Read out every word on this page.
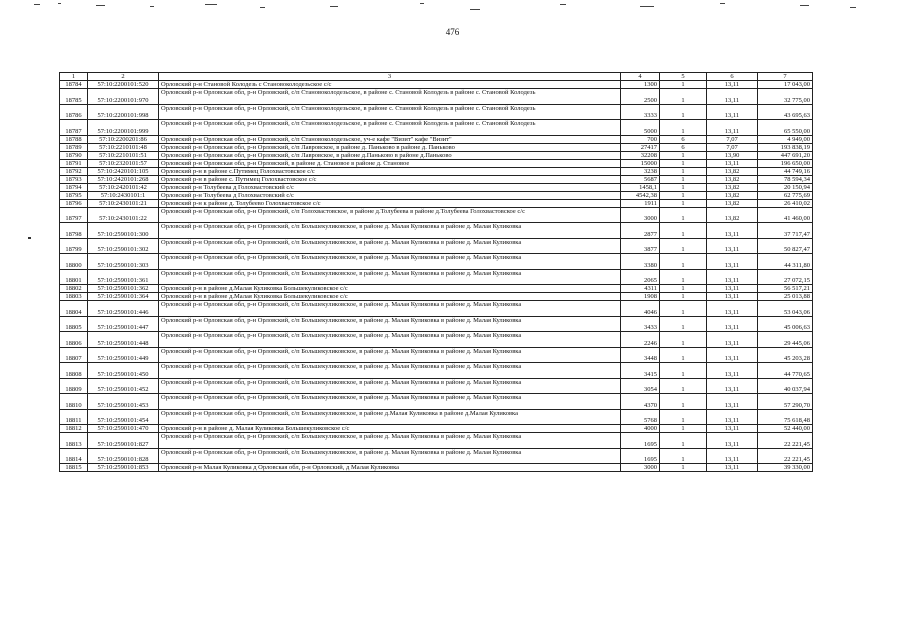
476
1	2	3	4	5	6	7
18784	57:10:2200101:520	Орловский р-н Становой Колодезь с Становоколодезьское с/с	1300	1	13,11	17 043,00
18785	57:10:2200101:970	Орловский р-н Орловская обл, р-н Орловский, с/п Становоколодезьское, в районе с. Становой Колодезь в районе с. Становой Колодезь	2500	1	13,11	32 775,00
18786	57:10:2200101:998	Орловский р-н Орловская обл, р-н Орловский, с/п Становоколодезьское, в районе с. Становой Колодезь в районе с. Становой Колодезь	3333	1	13,11	43 695,63
18787	57:10:2200101:999	Орловский р-н Орловская обл, р-н Орловский, с/п Становоколодезьское, в районе с. Становой Колодезь в районе с. Становой Колодезь	5000	1	13,11	65 550,00
18788	57:10:2200201:86	Орловский р-н Орловская обл, р-н Орловский, с/п Становоколодезьское, уч-е кафе "Визит" кафе "Визит"	700	6	7,07	4 949,00
18789	57:10:2210101:48	Орловский р-н Орловская обл, р-н Орловский, с/п Лавровское, в районе д. Паньково в районе д. Паньково	27417	6	7,07	193 838,19
18790	57:10:2210101:51	Орловский р-н Орловская обл, р-н Орловский, с/п Лавровское, в районе д.Паньково в районе д.Паньково	32208	1	13,90	447 691,20
18791	57:10:2320101:57	Орловский р-н Орловская обл, р-н Орловский, в районе д. Становое в районе д. Становое	15000	1	13,11	196 650,00
18792	57:10:2420101:105	Орловский р-н в районе с.Путимец Голохвастовское с/с	3238	1	13,82	44 749,16
18793	57:10:2420101:268	Орловский р-н в районе с. Путимец Голохвастовское с/с	5687	1	13,82	78 594,34
18794	57:10:2420101:42	Орловский р-н Толубеева д Голохвастовский с/с	1458,1	1	13,82	20 150,94
18795	57:10:2430101:1	Орловский р-н Толубеева д Голохвастовский с/с	4542,38	1	13,82	62 775,69
18796	57:10:2430101:21	Орловский р-н к районе д. Толубеево Голохвастовское с/с	1911	1	13,82	26 410,02
18797	57:10:2430101:22	Орловский р-н Орловская обл, р-н Орловский, с/п Голохвастовское, в районе д.Толубеева в районе д.Толубеева Голохвастовское с/с	3000	1	13,82	41 460,00
18798	57:10:2590101:300	Орловский р-н Орловская обл, р-н Орловский, с/п Большекуликовское, в районе д. Малая Куликовка в районе д. Малая Куликовка	2877	1	13,11	37 717,47
18799	57:10:2590101:302	Орловский р-н Орловская обл, р-н Орловский, с/п Большекуликовское, в районе д. Малая Куликовка в районе д. Малая Куликовка	3877	1	13,11	50 827,47
18800	57:10:2590101:303	Орловский р-н Орловская обл, р-н Орловский, с/п Большекуликовское, в районе д. Малая Куликовка в районе д. Малая Куликовка	3380	1	13,11	44 311,80
18801	57:10:2590101:361	Орловский р-н Орловская обл, р-н Орловский, с/п Большекуликовское, в районе д. Малая Куликовка в районе д. Малая Куликовка	2065	1	13,11	27 072,15
18802	57:10:2590101:362	Орловский р-н в районе д.Малая Куликовка Большекуликовское с/с	4311	1	13,11	56 517,21
18803	57:10:2590101:364	Орловский р-н в районе д.Малая Куликовка Большекуликовское с/с	1908	1	13,11	25 013,88
18804	57:10:2590101:446	Орловский р-н Орловская обл, р-н Орловский, с/п Большекуликовское, в районе д. Малая Куликовка в районе д. Малая Куликовка	4046	1	13,11	53 043,06
18805	57:10:2590101:447	Орловский р-н Орловская обл, р-н Орловский, с/п Большекуликовское, в районе д. Малая Куликовка в районе д. Малая Куликовка	3433	1	13,11	45 006,63
18806	57:10:2590101:448	Орловский р-н Орловская обл, р-н Орловский, с/п Большекуликовское, в районе д. Малая Куликовка в районе д. Малая Куликовка	2246	1	13,11	29 445,06
18807	57:10:2590101:449	Орловский р-н Орловская обл, р-н Орловский, с/п Большекуликовское, в районе д. Малая Куликовка в районе д. Малая Куликовка	3448	1	13,11	45 203,28
18808	57:10:2590101:450	Орловский р-н Орловская обл, р-н Орловский, с/п Большекуликовское, в районе д. Малая Куликовка в районе д. Малая Куликовка	3415	1	13,11	44 770,65
18809	57:10:2590101:452	Орловский р-н Орловская обл, р-н Орловский, с/п Большекуликовское, в районе д. Малая Куликовка в районе д. Малая Куликовка	3054	1	13,11	40 037,94
18810	57:10:2590101:453	Орловский р-н Орловская обл, р-н Орловский, с/п Большекуликовское, в районе д. Малая Куликовка в районе д. Малая Куликовка	4370	1	13,11	57 290,70
18811	57:10:2590101:454	Орловский р-н Орловская обл, р-н Орловский, с/п Большекуликовское, в районе д.Малая Куликовка в районе д.Малая Куликовка	5768	1	13,11	75 618,48
18812	57:10:2590101:470	Орловский р-н в районе д. Малая Куликовка Большекуликовское с/с	4000	1	13,11	52 440,00
18813	57:10:2590101:827	Орловский р-н Орловская обл, р-н Орловский, с/п Большекуликовское, в районе д. Малая Куликовка в районе д. Малая Куликовка	1695	1	13,11	22 221,45
18814	57:10:2590101:828	Орловский р-н Орловская обл, р-н Орловский, с/п Большекуликовское, в районе д. Малая Куликовка в районе д. Малая Куликовка	1695	1	13,11	22 221,45
18815	57:10:2590101:853	Орловский р-н Малая Куликовка д Орловская обл, р-н Орловский, д Малая Куликовка	3000	1	13,11	39 330,00
